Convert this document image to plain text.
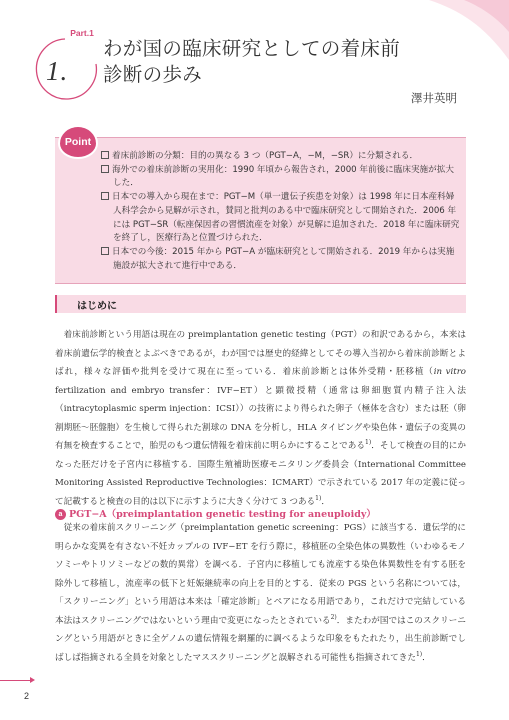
Part.1
1.
わが国の臨床研究としての着床前
診断の歩み
澤井英明
Point
着床前診断の分類：目的の異なる 3 つ（PGT−A，−M，−SR）に分類される．
海外での着床前診断の実用化：1990 年頃から報告され，2000 年前後に臨床実施が拡大した．
日本での導入から現在まで：PGT−M（単一遺伝子疾患を対象）は 1998 年に日本産科婦人科学会から見解が示され，賛同と批判のある中で臨床研究として開始された．2006 年には PGT−SR（転座保因者の習慣流産を対象）が見解に追加された．2018 年に臨床研究を終了し，医療行為と位置づけられた．
日本での今後：2015 年から PGT−A が臨床研究として開始される．2019 年からは実施施設が拡大されて進行中である．
はじめに

着床前診断という用語は現在の preimplantation genetic testing（PGT）の和訳であるから，本来は着床前遺伝学的検査とよぶべきであるが，わが国では歴史的経緯としてその導入当初から着床前診断とよばれ，様々な評価や批判を受けて現在に至っている．着床前診断とは体外受精・胚移植（in vitro fertilization and embryo transfer：IVF−ET）と顕微授精（通常は卵細胞質内精子注入法（intracytoplasmic sperm injection：ICSI））の技術により得られた卵子（極体を含む）または胚（卵割期胚〜胚盤胞）を生検して得られた割球の DNA を分析し，HLA タイピングや染色体・遺伝子の変異の有無を検査することで，胎児のもつ遺伝情報を着床前に明らかにすることである$^{1)}$．そして検査の目的にかなった胚だけを子宮内に移植する．国際生殖補助医療モニタリング委員会（International Committee Monitoring Assisted Reproductive Technologies：ICMART）で示されている 2017 年の定義に従って記載すると検査の目的は以下に示すように大きく分けて 3 つある$^{1)}$．

a PGT−A（preimplantation genetic testing for aneuploidy）

従来の着床前スクリーニング（preimplantation genetic screening：PGS）に該当する．遺伝学的に明らかな変異を有さない不妊カップルの IVF−ET を行う際に，移植胚の全染色体の異数性（いわゆるモノソミーやトリソミーなどの数的異常）を調べる．子宮内に移植しても流産する染色体異数性を有する胚を除外して移植し，流産率の低下と妊娠継続率の向上を目的とする．従来の PGS という名称については，「スクリーニング」という用語は本来は「確定診断」とペアになる用語であり，これだけで完結している本法はスクリーニングではないという理由で変更になったとされている$^{2)}$．またわが国ではこのスクリーニングという用語がときに全ゲノムの遺伝情報を網羅的に調べるような印象をもたれたり，出生前診断でしばしば指摘される全員を対象としたマススクリーニングと誤解される可能性も指摘されてきた$^{1)}$．

2
